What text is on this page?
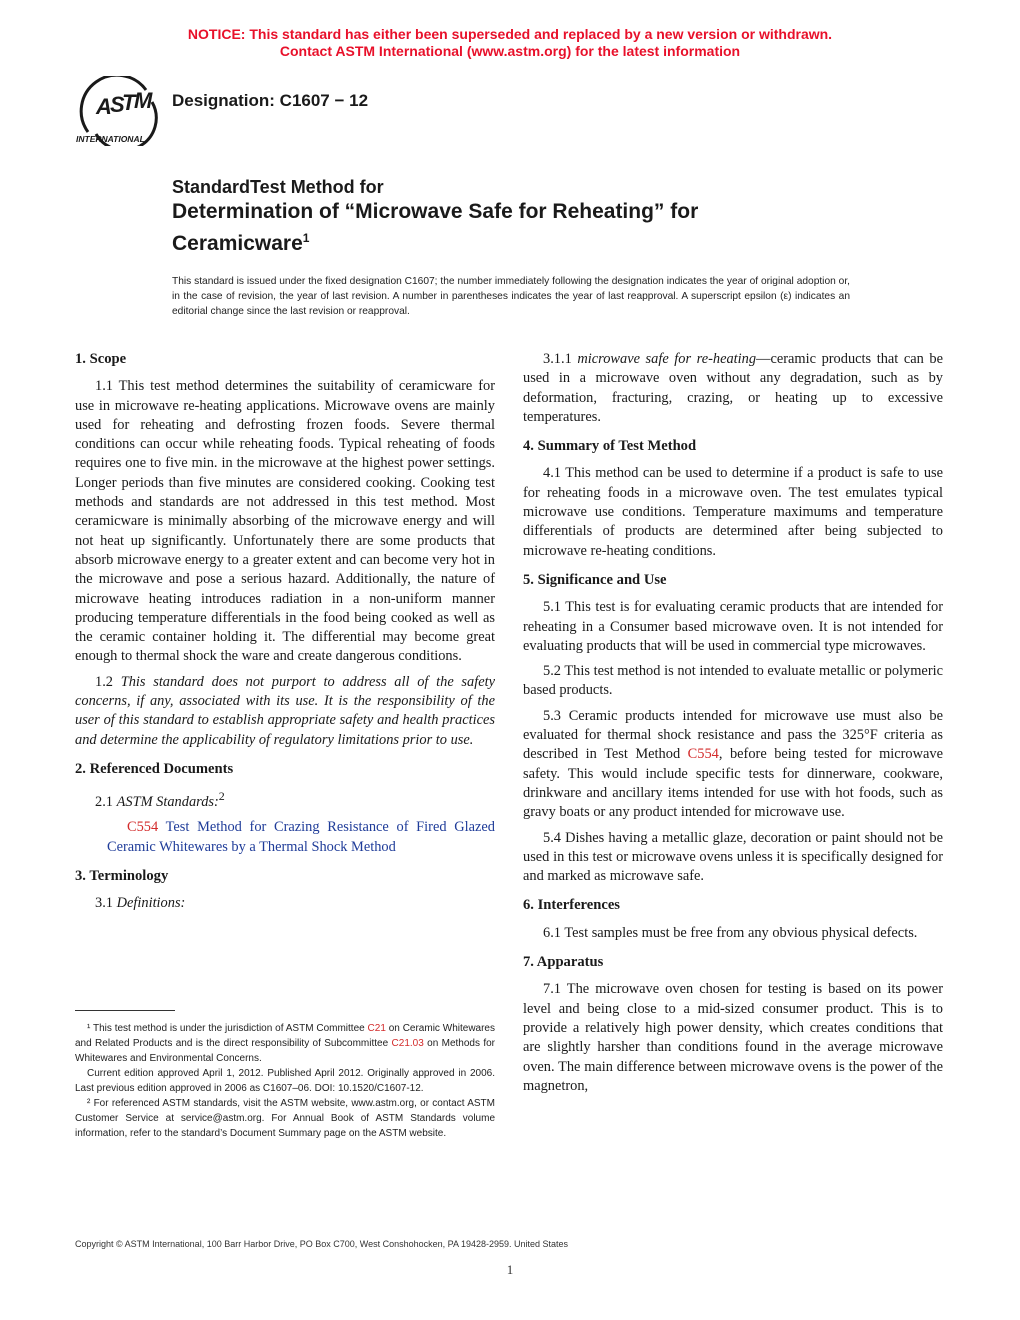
NOTICE: This standard has either been superseded and replaced by a new version or withdrawn.
Contact ASTM International (www.astm.org) for the latest information
A
S
T
M
INTERNATIONAL
Designation: C1607 − 12
StandardTest Method for
Determination of “Microwave Safe for Reheating” for
Ceramicware$^1$
This standard is issued under the fixed designation C1607; the number immediately following the designation indicates the year of original adoption or, in the case of revision, the year of last revision. A number in parentheses indicates the year of last reapproval. A superscript epsilon (ε) indicates an editorial change since the last revision or reapproval.
1. Scope

1.1 This test method determines the suitability of ceramicware for use in microwave re-heating applications. Microwave ovens are mainly used for reheating and defrosting frozen foods. Severe thermal conditions can occur while reheating foods. Typical reheating of foods requires one to five min. in the microwave at the highest power settings. Longer periods than five minutes are considered cooking. Cooking test methods and standards are not addressed in this test method. Most ceramicware is minimally absorbing of the microwave energy and will not heat up significantly. Unfortunately there are some products that absorb microwave energy to a greater extent and can become very hot in the microwave and pose a serious hazard. Additionally, the nature of microwave heating introduces radiation in a non-uniform manner producing temperature differentials in the food being cooked as well as the ceramic container holding it. The differential may become great enough to thermal shock the ware and create dangerous conditions.

1.2 This standard does not purport to address all of the safety concerns, if any, associated with its use. It is the responsibility of the user of this standard to establish appropriate safety and health practices and determine the applicability of regulatory limitations prior to use.

2. Referenced Documents

2.1 ASTM Standards:$^2$

C554 Test Method for Crazing Resistance of Fired Glazed Ceramic Whitewares by a Thermal Shock Method

3. Terminology

3.1 Definitions:

¹ This test method is under the jurisdiction of ASTM Committee C21 on Ceramic Whitewares and Related Products and is the direct responsibility of Subcommittee C21.03 on Methods for Whitewares and Environmental Concerns.

Current edition approved April 1, 2012. Published April 2012. Originally approved in 2006. Last previous edition approved in 2006 as C1607–06. DOI: 10.1520/C1607-12.

² For referenced ASTM standards, visit the ASTM website, www.astm.org, or contact ASTM Customer Service at service@astm.org. For Annual Book of ASTM Standards volume information, refer to the standard’s Document Summary page on the ASTM website.

3.1.1 microwave safe for re-heating—ceramic products that can be used in a microwave oven without any degradation, such as by deformation, fracturing, crazing, or heating up to excessive temperatures.

4. Summary of Test Method

4.1 This method can be used to determine if a product is safe to use for reheating foods in a microwave oven. The test emulates typical microwave use conditions. Temperature maximums and temperature differentials of products are determined after being subjected to microwave re-heating conditions.

5. Significance and Use

5.1 This test is for evaluating ceramic products that are intended for reheating in a Consumer based microwave oven. It is not intended for evaluating products that will be used in commercial type microwaves.

5.2 This test method is not intended to evaluate metallic or polymeric based products.

5.3 Ceramic products intended for microwave use must also be evaluated for thermal shock resistance and pass the 325°F criteria as described in Test Method C554, before being tested for microwave safety. This would include specific tests for dinnerware, cookware, drinkware and ancillary items intended for use with hot foods, such as gravy boats or any product intended for microwave use.

5.4 Dishes having a metallic glaze, decoration or paint should not be used in this test or microwave ovens unless it is specifically designed for and marked as microwave safe.

6. Interferences

6.1 Test samples must be free from any obvious physical defects.

7. Apparatus

7.1 The microwave oven chosen for testing is based on its power level and being close to a mid-sized consumer product. This is to provide a relatively high power density, which creates conditions that are slightly harsher than conditions found in the average microwave oven. The main difference between microwave ovens is the power of the magnetron,

Copyright © ASTM International, 100 Barr Harbor Drive, PO Box C700, West Conshohocken, PA 19428-2959. United States
1
